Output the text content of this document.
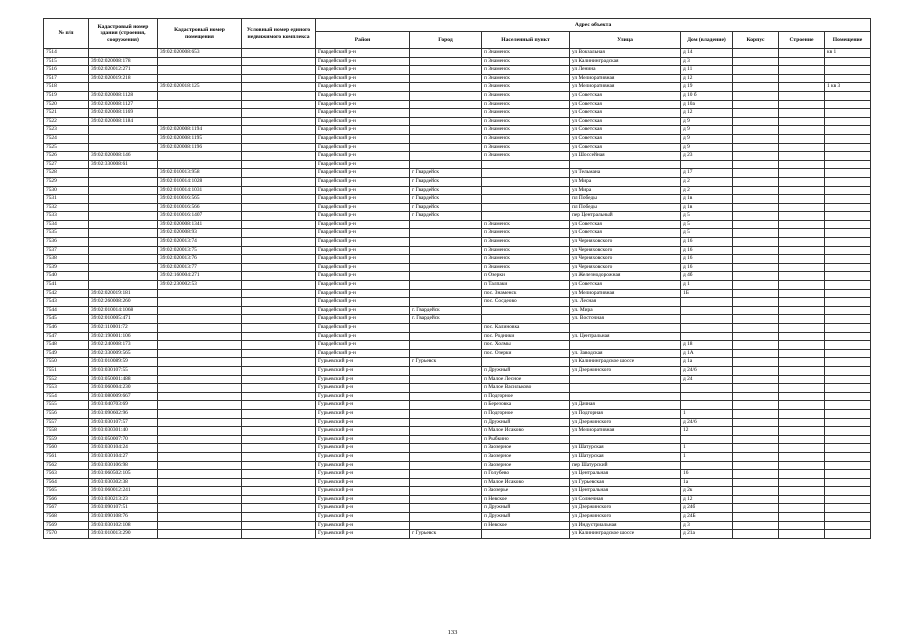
№ п/п	Кадастровый номер здания (строения, сооружения)	Кадастровый номер помещения	Условный номер единого недвижимого комплекса	Адрес объекта							
				Район	Город	Населенный пункт	Улица	Дом (владение)	Корпус	Строение	Помещение
7514		39:02:020008:653		Гвардейский р-н		п Знаменск	ул Вокзальная	д 14			кв 1
7515	39:02:020008:178			Гвардейский р-н		п Знаменск	ул Калининградская	д 3			
7516	39:02:020012:271			Гвардейский р-н		п Знаменск	ул Ленина	д 11			
7517	39:02:020019:218			Гвардейский р-н		п Знаменск	ул Мелиоративная	д 12			
7518		39:02:020018:125		Гвардейский р-н		п Знаменск	ул Мелиоративная	д 19			1 кв 3
7519	39:02:020008:1128			Гвардейский р-н		п Знаменск	ул Советская	д 10 б			
7520	39:02:020008:1127			Гвардейский р-н		п Знаменск	ул Советская	д 10а			
7521	39:02:020008:1169			Гвардейский р-н		п Знаменск	ул Советская	д 12			
7522	39:02:020008:1184			Гвардейский р-н		п Знаменск	ул Советская	д 9			
7523		39:02:020008:1194		Гвардейский р-н		п Знаменск	ул Советская	д 9			
7524		39:02:020008:1195		Гвардейский р-н		п Знаменск	ул Советская	д 9			
7525		39:02:020008:1196		Гвардейский р-н		п Знаменск	ул Советская	д 9			
7526	39:02:020008:146			Гвардейский р-н		п Знаменск	ул Шоссейная	д 23			
7527	39:02:330008:61			Гвардейский р-н							
7528		39:02:010013:958		Гвардейский р-н	г Гвардейск		ул Тельмана	д 17			
7529		39:02:010014:1028		Гвардейский р-н	г Гвардейск		ул Мира	д 2			
7530		39:02:010014:1031		Гвардейский р-н	г Гвардейск		ул Мира	д 2			
7531		39:02:010016:565		Гвардейский р-н	г Гвардейск		пл Победы	д 1в			
7532		39:02:010016:566		Гвардейский р-н	г Гвардейск		пл Победы	д 1в			
7533		39:02:010016:1407		Гвардейский р-н	г Гвардейск		пер Центральный	д 5			
7534		39:02:020008:1341		Гвардейский р-н		п Знаменск	ул Советская	д 5			
7535		39:02:020008:93		Гвардейский р-н		п Знаменск	ул Советская	д 5			
7536		39:02:020013:74		Гвардейский р-н		п Знаменск	ул Черняховского	д 16			
7537		39:02:020013:75		Гвардейский р-н		п Знаменск	ул Черняховского	д 16			
7538		39:02:020013:76		Гвардейский р-н		п Знаменск	ул Черняховского	д 16			
7539		39:02:020013:77		Гвардейский р-н		п Знаменск	ул Черняховского	д 16			
7540		39:02:160004:271		Гвардейский р-н		п Озерки	ул Железнодорожная	д 4б			
7541		39:02:230002:53		Гвардейский р-н		п Талпаки	ул Советская	д 1			
7542	39:02:020019:181			Гвардейский р-н		пос. Знаменск	ул Мелиоративная	1Б			
7543	39:02:260008:260			Гвардейский р-н		пос. Сосдеово	ул. Лесная				
7544	39:02:010014:1068			Гвардейский р-н	г. Гвардейск		ул. Мира				
7545	39:02:010005:471			Гвардейский р-н	г. Гвардейск		ул. Восточная				
7546	39:02:110001:72			Гвардейский р-н		пос. Калиновка					
7547	39:02:190001:106			Гвардейский р-н		пос. Родники	ул. Центральная				
7548	39:02:240008:173			Гвардейский р-н		пос. Холмы		д 18			
7549	39:02:330009:565			Гвардейский р-н		пос. Озерки	ул. Заводская	д 1А			
7550	39:03:010089:59			Гурьевский р-н	г Гурьевск		ул Калининградское шоссе	д 1а			
7551	39:03:030107:55			Гурьевский р-н		п Дружный	ул Дзержинского	д 24/6			
7552	39:03:050001:488			Гурьевский р-н		п Малое Лесное		д 24			
7553	39:03:060004:230			Гурьевский р-н		п Малое Васильково					
7554	39:03:080009:667			Гурьевский р-н		п Подгорное					
7555	39:03:040703:69			Гурьевский р-н		п Березовка	ул Дачная				
7556	39:03:090602:96			Гурьевский р-н		п Подгорное	ул Подгорная	1			
7557	39:03:030107:57			Гурьевский р-н		п Дружный	ул Дзержинского	д 24/6			
7558	39:03:030301:40			Гурьевский р-н		п Малое Исаково	ул Мелиоративная	12			
7559	39:03:050007:70			Гурьевский р-н		п Рыбкино					
7560	39:03:030104:24			Гурьевский р-н		п Заозерное	ул Шатурская	1			
7561	39:03:030104:27			Гурьевский р-н		п Заозерное	ул Шатурская	1			
7562	39:03:030106:98			Гурьевский р-н		п Заозерное	пер Шатурский				
7563	39:03:060502:105			Гурьевский р-н		п Голубево	ул Центральная	16			
7564	39:03:030302:38			Гурьевский р-н		п Малое Исаково	ул Гурьевская	1а			
7565	39:03:060012:241			Гурьевский р-н		п Заозерье	ул Центральная	д 2к			
7566	39:03:030213:23			Гурьевский р-н		п Невское	ул Солнечная	д 12			
7567	39:03:090107:51			Гурьевский р-н		п Дружный	ул Дзержинского	д 24б			
7568	39:03:090108:76			Гурьевский р-н		п Дружный	ул Дзержинского	д 24Б			
7569	39:03:030102:108			Гурьевский р-н		п Невское	ул Индустриальная	д 3			
7570	39:03:010013:290			Гурьевский р-н	г Гурьевск		ул Калининградское шоссе	д 21а			
133
